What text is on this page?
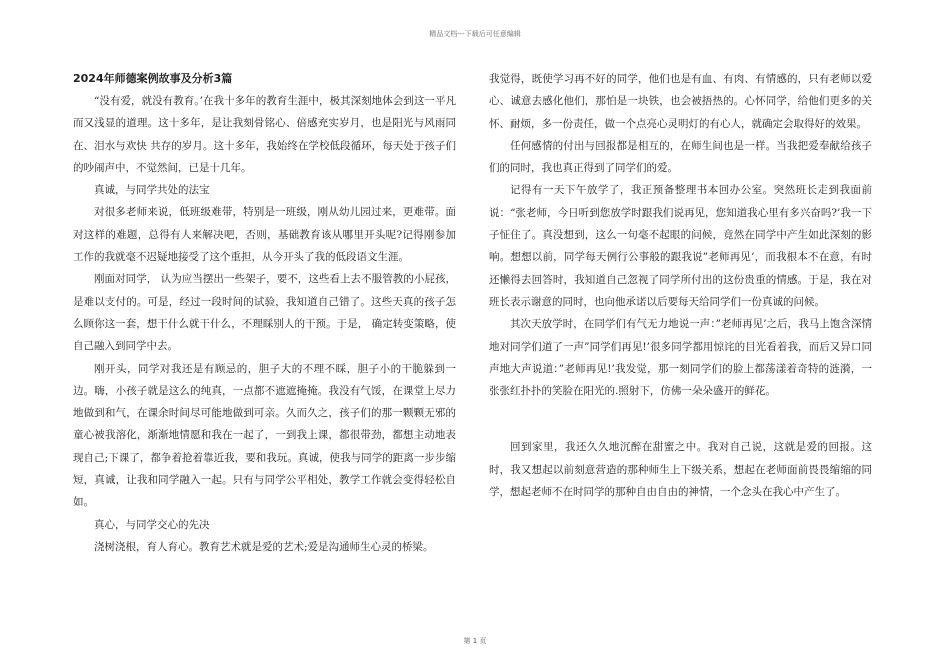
精品文档---下载后可任意编辑
2024年师德案例故事及分析3篇

“没有爱，就没有教育。’在我十多年的教育生涯中，极其深刻地体会到这一平凡而又浅显的道理。这十多年，是让我刻骨铭心、倍感充实岁月，也是阳光与风雨同在、泪水与欢快 共存的岁月。这十多年，我始终在学校低段循环，每天处于孩子们的吵闹声中，不觉然间，已是十几年。

真诚，与同学共处的法宝

对很多老师来说，低班级难带，特别是一班级，刚从幼儿园过来，更难带。面对这样的难题，总得有人来解决吧，否则，基础教育该从哪里开头呢?记得刚参加工作的我就毫不迟疑地接受了这个重担，从今开头了我的低段语文生涯。

刚面对同学， 认为应当摆出一些架子，要不，这些看上去不服管教的小屁孩，是难以支付的。可是，经过一段时间的试验，我知道自己错了。这些天真的孩子怎么顾你这一套，想干什么就干什么，不理睬别人的干预。于是， 确定转变策略，使自己融入到同学中去。

刚开头，同学对我还是有顾忌的，胆子大的不理不睬，胆子小的干脆躲到一边。嗨，小孩子就是这么的纯真，一点都不遮遮掩掩。我没有气馁，在课堂上尽力地做到和气，在课余时间尽可能地做到可亲。久而久之，孩子们的那一颗颗无邪的童心被我溶化，渐渐地情愿和我在一起了，一到我上课，都很带劲，都想主动地表现自己;下课了，都争着抢着靠近我，要和我玩。真诚，使我与同学的距离一步步缩短，真诚，让我和同学融入一起。只有与同学公平相处，教学工作就会变得轻松自如。

真心，与同学交心的先决

浇树浇根，育人育心。教育艺术就是爱的艺术;爱是沟通师生心灵的桥梁。

我觉得，既使学习再不好的同学，他们也是有血、有肉、有情感的，只有老师以爱心、诚意去感化他们，那怕是一块铁，也会被捂热的。心怀同学，给他们更多的关怀、耐烦，多一份责任，做一个点亮心灵明灯的有心人，就确定会取得好的效果。

任何感情的付出与回报都是相互的，在师生间也是一样。当我把爱奉献给孩子们的同时，我也真正得到了同学们的爱。

记得有一天下午放学了，我正预备整理书本回办公室。突然班长走到我面前说：“张老师，今日听到您放学时跟我们说再见，您知道我心里有多兴奋吗?’我一下子怔住了。真没想到，这么一句毫不起眼的问候，竟然在同学中产生如此深刻的影响。想想以前，同学每天例行公事般的跟我说”老师再见’，而我根本不在意，有时还懒得去回答时，我知道自己忽视了同学所付出的这份贵重的情感。于是，我在对班长表示谢意的同时，也向他承诺以后要每天给同学们一份真诚的问候。

其次天放学时，在同学们有气无力地说一声：”老师再见’之后，我马上饱含深情地对同学们道了一声”同学们再见!’很多同学都用惊诧的目光看着我，而后又异口同声地大声说道：”老师再见!’我发觉，那一刻同学们的脸上都荡漾着奇特的涟漪，一张张红扑扑的笑脸在阳光的.照射下，仿佛一朵朵盛开的鲜花。

回到家里，我还久久地沉醉在甜蜜之中。我对自己说，这就是爱的回报。这时，我又想起以前刻意营造的那种师生上下级关系，想起在老师面前畏畏缩缩的同学，想起老师不在时同学的那种自由自由的神情，一个念头在我心中产生了。

第 1 页
